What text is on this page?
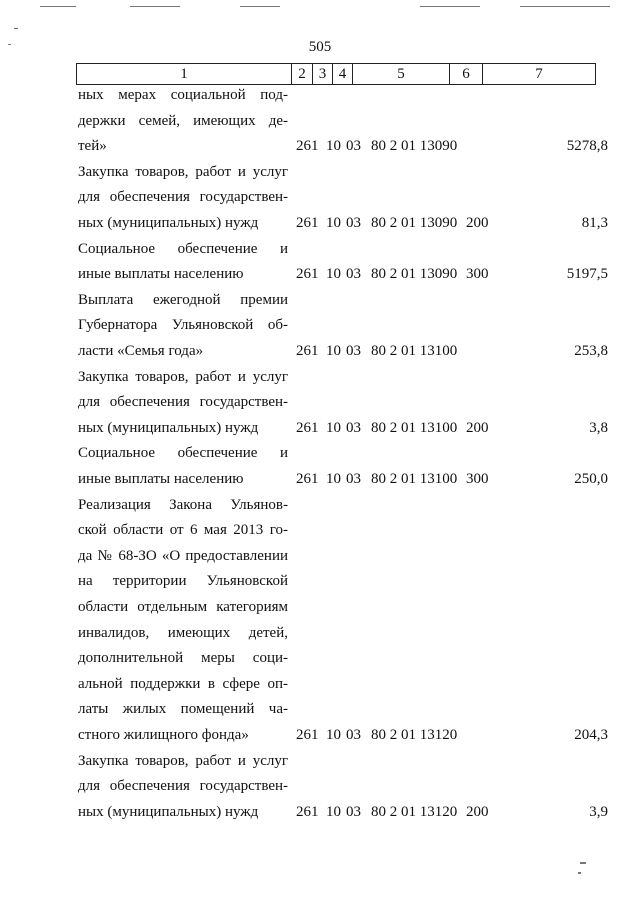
505
1	2	3	4	5	6	7
ных мерах социальной под-
держки семей, имеющих де-
тей»	261 10 03 80 2 01 13090	5278,8
Закупка товаров, работ и услуг
для обеспечения государствен-
ных (муниципальных) нужд	261 10 03 80 2 01 13090 200	81,3
Социальное обеспечение и
иные выплаты населению	261 10 03 80 2 01 13090 300	5197,5
Выплата ежегодной премии
Губернатора Ульяновской об-
ласти «Семья года»	261 10 03 80 2 01 13100	253,8
Закупка товаров, работ и услуг
для обеспечения государствен-
ных (муниципальных) нужд	261 10 03 80 2 01 13100 200	3,8
Социальное обеспечение и
иные выплаты населению	261 10 03 80 2 01 13100 300	250,0
Реализация Закона Ульянов-
ской области от 6 мая 2013 го-
да № 68-ЗО «О предоставлении
на территории Ульяновской
области отдельным категориям
инвалидов, имеющих детей,
дополнительной меры соци-
альной поддержки в сфере оп-
латы жилых помещений ча-
стного жилищного фонда»	261 10 03 80 2 01 13120	204,3
Закупка товаров, работ и услуг
для обеспечения государствен-
ных (муниципальных) нужд	261 10 03 80 2 01 13120 200	3,9
